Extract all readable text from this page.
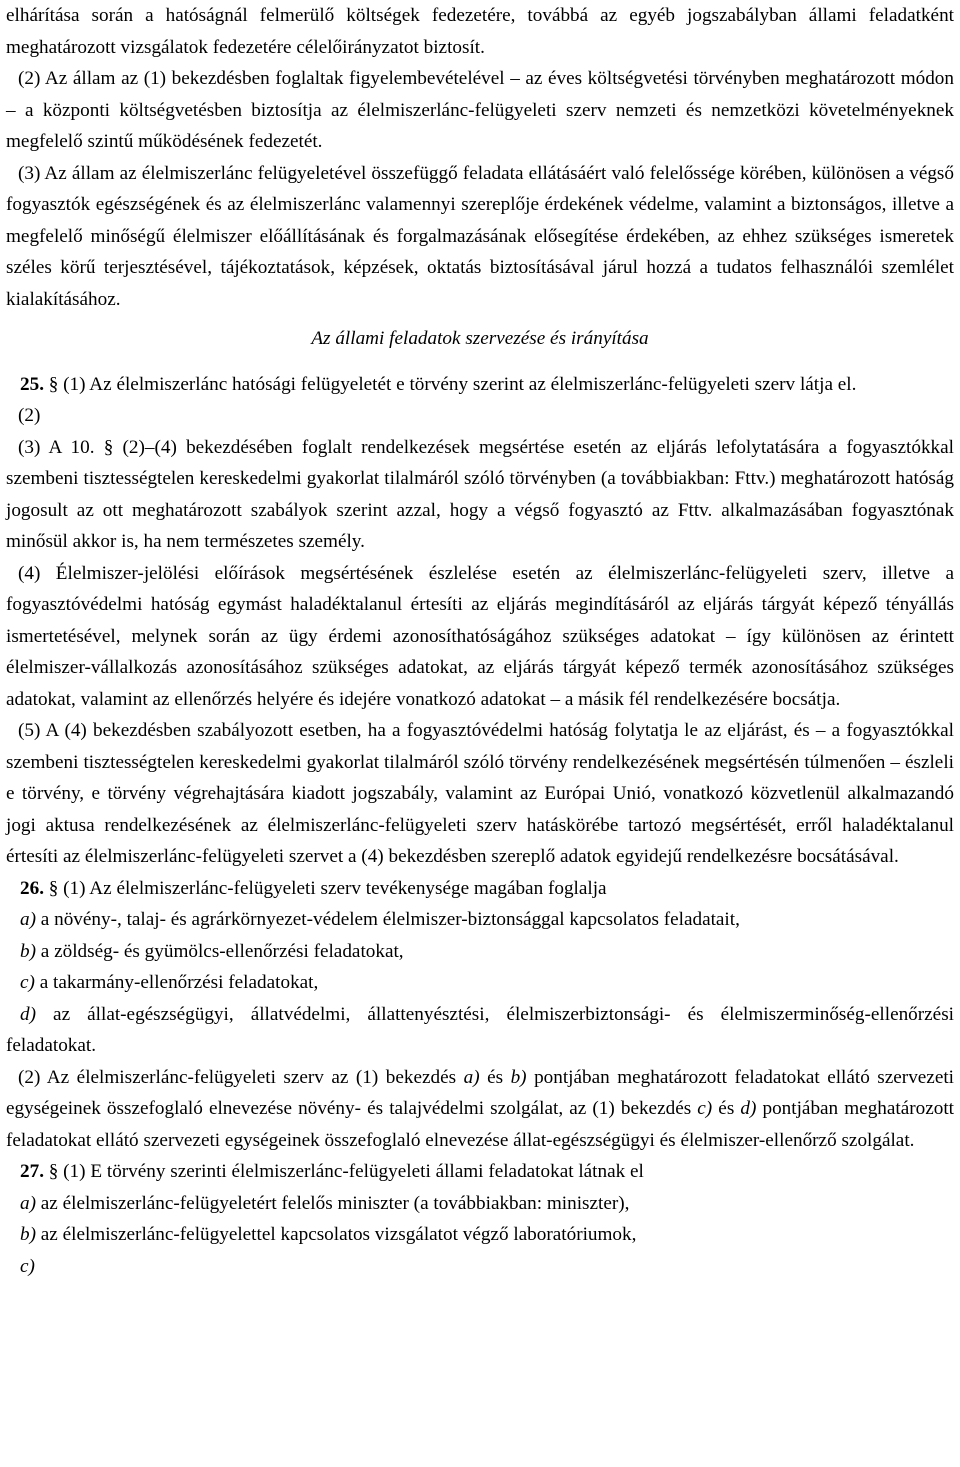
elhárítása során a hatóságnál felmerülő költségek fedezetére, továbbá az egyéb jogszabályban állami feladatként meghatározott vizsgálatok fedezetére célelőirányzatot biztosít.

(2) Az állam az (1) bekezdésben foglaltak figyelembevételével ‒ az éves költségvetési törvényben meghatározott módon ‒ a központi költségvetésben biztosítja az élelmiszerlánc-felügyeleti szerv nemzeti és nemzetközi követelményeknek megfelelő szintű működésének fedezetét.

(3) Az állam az élelmiszerlánc felügyeletével összefüggő feladata ellátásáért való felelőssége körében, különösen a végső fogyasztók egészségének és az élelmiszerlánc valamennyi szereplője érdekének védelme, valamint a biztonságos, illetve a megfelelő minőségű élelmiszer előállításának és forgalmazásának elősegítése érdekében, az ehhez szükséges ismeretek széles körű terjesztésével, tájékoztatások, képzések, oktatás biztosításával járul hozzá a tudatos felhasználói szemlélet kialakításához.

Az állami feladatok szervezése és irányítása

25. § (1) Az élelmiszerlánc hatósági felügyeletét e törvény szerint az élelmiszerlánc-felügyeleti szerv látja el.

(2)

(3) A 10. § (2)‒(4) bekezdésében foglalt rendelkezések megsértése esetén az eljárás lefolytatására a fogyasztókkal szembeni tisztességtelen kereskedelmi gyakorlat tilalmáról szóló törvényben (a továbbiakban: Fttv.) meghatározott hatóság jogosult az ott meghatározott szabályok szerint azzal, hogy a végső fogyasztó az Fttv. alkalmazásában fogyasztónak minősül akkor is, ha nem természetes személy.

(4) Élelmiszer-jelölési előírások megsértésének észlelése esetén az élelmiszerlánc-felügyeleti szerv, illetve a fogyasztóvédelmi hatóság egymást haladéktalanul értesíti az eljárás megindításáról az eljárás tárgyát képező tényállás ismertetésével, melynek során az ügy érdemi azonosíthatóságához szükséges adatokat ‒ így különösen az érintett élelmiszer-vállalkozás azonosításához szükséges adatokat, az eljárás tárgyát képező termék azonosításához szükséges adatokat, valamint az ellenőrzés helyére és idejére vonatkozó adatokat ‒ a másik fél rendelkezésére bocsátja.

(5) A (4) bekezdésben szabályozott esetben, ha a fogyasztóvédelmi hatóság folytatja le az eljárást, és ‒ a fogyasztókkal szembeni tisztességtelen kereskedelmi gyakorlat tilalmáról szóló törvény rendelkezésének megsértésén túlmenően ‒ észleli e törvény, e törvény végrehajtására kiadott jogszabály, valamint az Európai Unió, vonatkozó közvetlenül alkalmazandó jogi aktusa rendelkezésének az élelmiszerlánc-felügyeleti szerv hatáskörébe tartozó megsértését, erről haladéktalanul értesíti az élelmiszerlánc-felügyeleti szervet a (4) bekezdésben szereplő adatok egyidejű rendelkezésre bocsátásával.

26. § (1) Az élelmiszerlánc-felügyeleti szerv tevékenysége magában foglalja

a) a növény-, talaj- és agrárkörnyezet-védelem élelmiszer-biztonsággal kapcsolatos feladatait,

b) a zöldség- és gyümölcs-ellenőrzési feladatokat,

c) a takarmány-ellenőrzési feladatokat,

d) az állat-egészségügyi, állatvédelmi, állattenyésztési, élelmiszerbiztonsági- és élelmiszerminőség-ellenőrzési feladatokat.

(2) Az élelmiszerlánc-felügyeleti szerv az (1) bekezdés a) és b) pontjában meghatározott feladatokat ellátó szervezeti egységeinek összefoglaló elnevezése növény- és talajvédelmi szolgálat, az (1) bekezdés c) és d) pontjában meghatározott feladatokat ellátó szervezeti egységeinek összefoglaló elnevezése állat-egészségügyi és élelmiszer-ellenőrző szolgálat.

27. § (1) E törvény szerinti élelmiszerlánc-felügyeleti állami feladatokat látnak el

a) az élelmiszerlánc-felügyeletért felelős miniszter (a továbbiakban: miniszter),

b) az élelmiszerlánc-felügyelettel kapcsolatos vizsgálatot végző laboratóriumok,

c)
